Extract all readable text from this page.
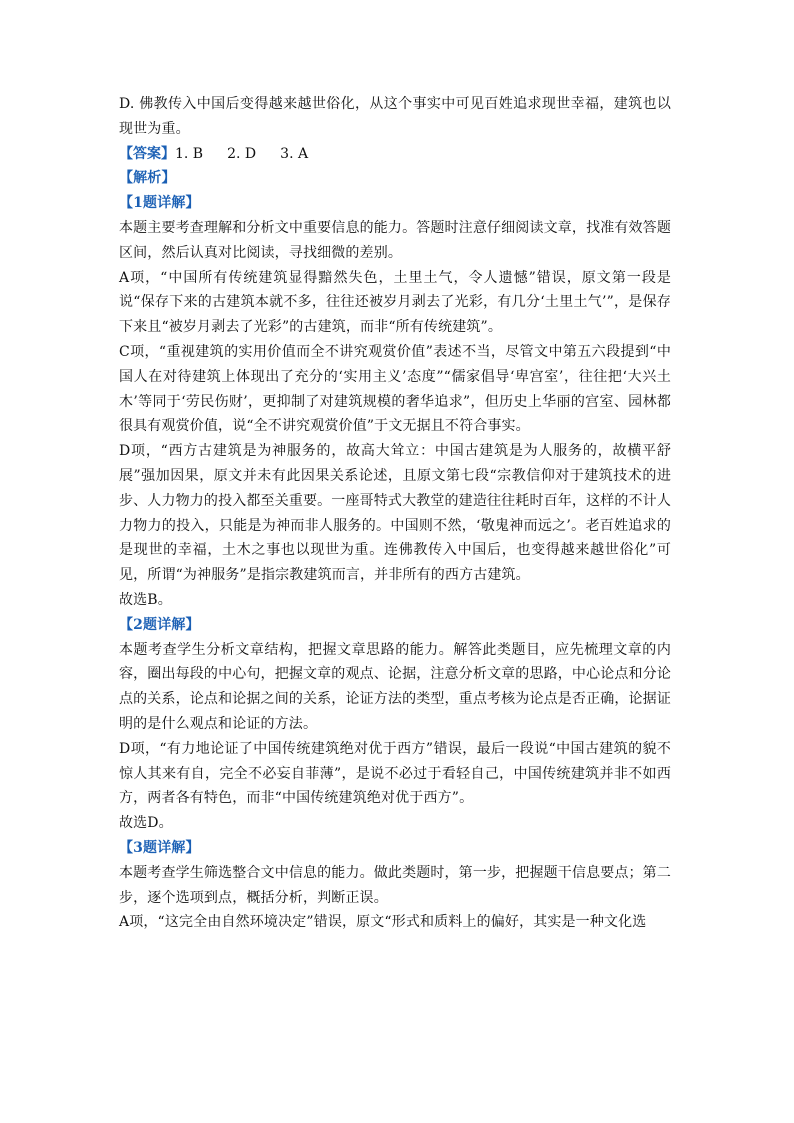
D. 佛教传入中国后变得越来越世俗化，从这个事实中可见百姓追求现世幸福，建筑也以现世为重。

【答案】1. B 2. D 3. A

【解析】

【1题详解】

本题主要考查理解和分析文中重要信息的能力。答题时注意仔细阅读文章，找准有效答题区间，然后认真对比阅读，寻找细微的差别。

A项，“中国所有传统建筑显得黯然失色，土里土气，令人遗憾”错误，原文第一段是说“保存下来的古建筑本就不多，往往还被岁月剥去了光彩，有几分‘土里土气’”，是保存下来且“被岁月剥去了光彩”的古建筑，而非“所有传统建筑”。

C项，“重视建筑的实用价值而全不讲究观赏价值”表述不当，尽管文中第五六段提到“中国人在对待建筑上体现出了充分的‘实用主义’态度”“儒家倡导‘卑宫室’，往往把‘大兴土木’等同于‘劳民伤财’，更抑制了对建筑规模的奢华追求”，但历史上华丽的宫室、园林都很具有观赏价值，说“全不讲究观赏价值”于文无据且不符合事实。

D项，“西方古建筑是为神服务的，故高大耸立：中国古建筑是为人服务的，故横平舒展”强加因果，原文并未有此因果关系论述，且原文第七段“宗教信仰对于建筑技术的进步、人力物力的投入都至关重要。一座哥特式大教堂的建造往往耗时百年，这样的不计人力物力的投入，只能是为神而非人服务的。中国则不然，‘敬鬼神而远之’。老百姓追求的是现世的幸福，土木之事也以现世为重。连佛教传入中国后，也变得越来越世俗化”可见，所谓“为神服务”是指宗教建筑而言，并非所有的西方古建筑。

故选B。

【2题详解】

本题考查学生分析文章结构，把握文章思路的能力。解答此类题目，应先梳理文章的内容，圈出每段的中心句，把握文章的观点、论据，注意分析文章的思路，中心论点和分论点的关系，论点和论据之间的关系，论证方法的类型，重点考核为论点是否正确，论据证明的是什么观点和论证的方法。

D项，“有力地论证了中国传统建筑绝对优于西方”错误，最后一段说“中国古建筑的貌不惊人其来有自，完全不必妄自菲薄”，是说不必过于看轻自己，中国传统建筑并非不如西方，两者各有特色，而非“中国传统建筑绝对优于西方”。

故选D。

【3题详解】

本题考查学生筛选整合文中信息的能力。做此类题时，第一步，把握题干信息要点；第二步，逐个选项到点，概括分析，判断正误。

A项，“这完全由自然环境决定”错误，原文“形式和质料上的偏好，其实是一种文化选
